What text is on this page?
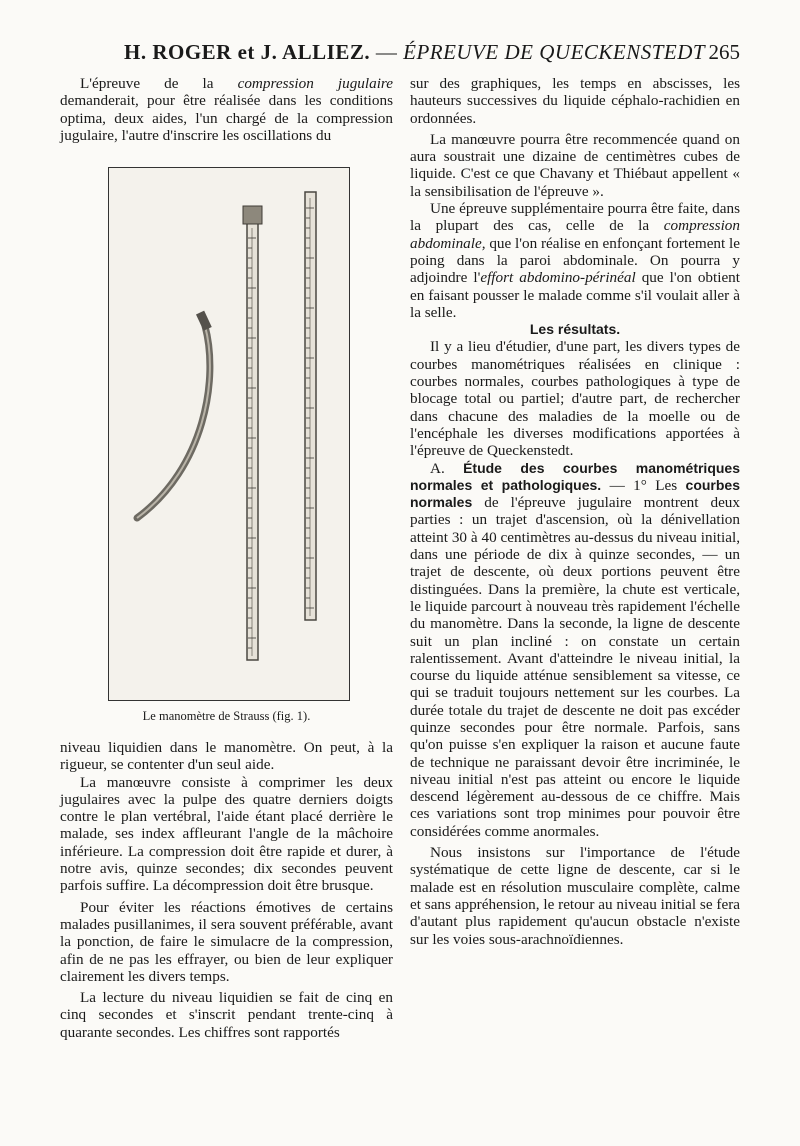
H. ROGER et J. ALLIEZ. — ÉPREUVE DE QUECKENSTEDT 265

L'épreuve de la compression jugulaire demanderait, pour être réalisée dans les conditions optima, deux aides, l'un chargé de la compression jugulaire, l'autre d'inscrire les oscillations du

Le manomètre de Strauss (fig. 1).

niveau liquidien dans le manomètre. On peut, à la rigueur, se contenter d'un seul aide.

La manœuvre consiste à comprimer les deux jugulaires avec la pulpe des quatre derniers doigts contre le plan vertébral, l'aide étant placé derrière le malade, ses index affleurant l'angle de la mâchoire inférieure. La compression doit être rapide et durer, à notre avis, quinze secondes; dix secondes peuvent parfois suffire. La décompression doit être brusque.

Pour éviter les réactions émotives de certains malades pusillanimes, il sera souvent préférable, avant la ponction, de faire le simulacre de la compression, afin de ne pas les effrayer, ou bien de leur expliquer clairement les divers temps.

La lecture du niveau liquidien se fait de cinq en cinq secondes et s'inscrit pendant trente-cinq à quarante secondes. Les chiffres sont rapportés

sur des graphiques, les temps en abscisses, les hauteurs successives du liquide céphalo-rachidien en ordonnées.

La manœuvre pourra être recommencée quand on aura soustrait une dizaine de centimètres cubes de liquide. C'est ce que Chavany et Thiébaut appellent « la sensibilisation de l'épreuve ».

Une épreuve supplémentaire pourra être faite, dans la plupart des cas, celle de la compression abdominale, que l'on réalise en enfonçant fortement le poing dans la paroi abdominale. On pourra y adjoindre l'effort abdomino-périnéal que l'on obtient en faisant pousser le malade comme s'il voulait aller à la selle.

Les résultats.

Il y a lieu d'étudier, d'une part, les divers types de courbes manométriques réalisées en clinique : courbes normales, courbes pathologiques à type de blocage total ou partiel; d'autre part, de rechercher dans chacune des maladies de la moelle ou de l'encéphale les diverses modifications apportées à l'épreuve de Queckenstedt.

A. Étude des courbes manométriques normales et pathologiques. — 1° Les courbes normales de l'épreuve jugulaire montrent deux parties : un trajet d'ascension, où la dénivellation atteint 30 à 40 centimètres au-dessus du niveau initial, dans une période de dix à quinze secondes, — un trajet de descente, où deux portions peuvent être distinguées. Dans la première, la chute est verticale, le liquide parcourt à nouveau très rapidement l'échelle du manomètre. Dans la seconde, la ligne de descente suit un plan incliné : on constate un certain ralentissement. Avant d'atteindre le niveau initial, la course du liquide atténue sensiblement sa vitesse, ce qui se traduit toujours nettement sur les courbes. La durée totale du trajet de descente ne doit pas excéder quinze secondes pour être normale. Parfois, sans qu'on puisse s'en expliquer la raison et aucune faute de technique ne paraissant devoir être incriminée, le niveau initial n'est pas atteint ou encore le liquide descend légèrement au-dessous de ce chiffre. Mais ces variations sont trop minimes pour pouvoir être considérées comme anormales.

Nous insistons sur l'importance de l'étude systématique de cette ligne de descente, car si le malade est en résolution musculaire complète, calme et sans appréhension, le retour au niveau initial se fera d'autant plus rapidement qu'aucun obstacle n'existe sur les voies sous-arachnoïdiennes.
